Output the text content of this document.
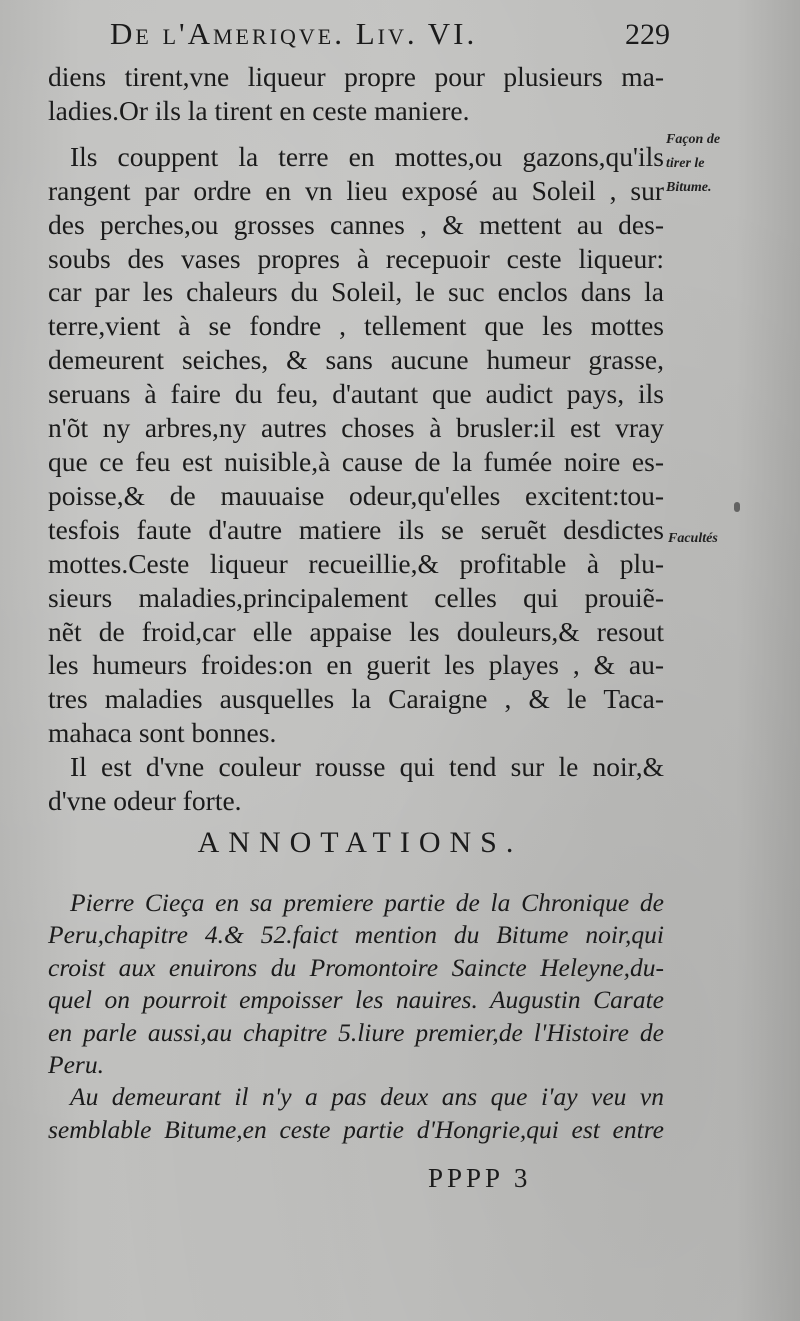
De l'Ameriqve. Liv. VI.	229
diens tirent,vne liqueur propre pour plusieurs ma-
ladies.Or ils la tirent en ceste maniere.
Ils couppent la terre en mottes,ou gazons,qu'ils
rangent par ordre en vn lieu exposé au Soleil , sur
des perches,ou grosses cannes , & mettent au des-
soubs des vases propres à recepuoir ceste liqueur:
car par les chaleurs du Soleil, le suc enclos dans la
terre,vient à se fondre , tellement que les mottes
demeurent seiches, & sans aucune humeur grasse,
seruans à faire du feu, d'autant que audict pays, ils
n'õt ny arbres,ny autres choses à brusler:il est vray
que ce feu est nuisible,à cause de la fumée noire es-
poisse,& de mauuaise odeur,qu'elles excitent:tou-
tesfois faute d'autre matiere ils se seruẽt desdictes
mottes.Ceste liqueur recueillie,& profitable à plu-
sieurs maladies,principalement celles qui prouiẽ-
nẽt de froid,car elle appaise les douleurs,& resout
les humeurs froides:on en guerit les playes , & au-
tres maladies ausquelles la Caraigne , & le Taca-
mahaca sont bonnes.
Il est d'vne couleur rousse qui tend sur le noir,&
d'vne odeur forte.
Façon de
tirer le
Bitume.
Facultés
ANNOTATIONS.
Pierre Cieça en sa premiere partie de la Chronique de
Peru,chapitre 4.& 52.faict mention du Bitume noir,qui
croist aux enuirons du Promontoire Saincte Heleyne,du-
quel on pourroit empoisser les nauires. Augustin Carate
en parle aussi,au chapitre 5.liure premier,de l'Histoire de
Peru.
Au demeurant il n'y a pas deux ans que i'ay veu vn
semblable Bitume,en ceste partie d'Hongrie,qui est entre
PPPP 3
